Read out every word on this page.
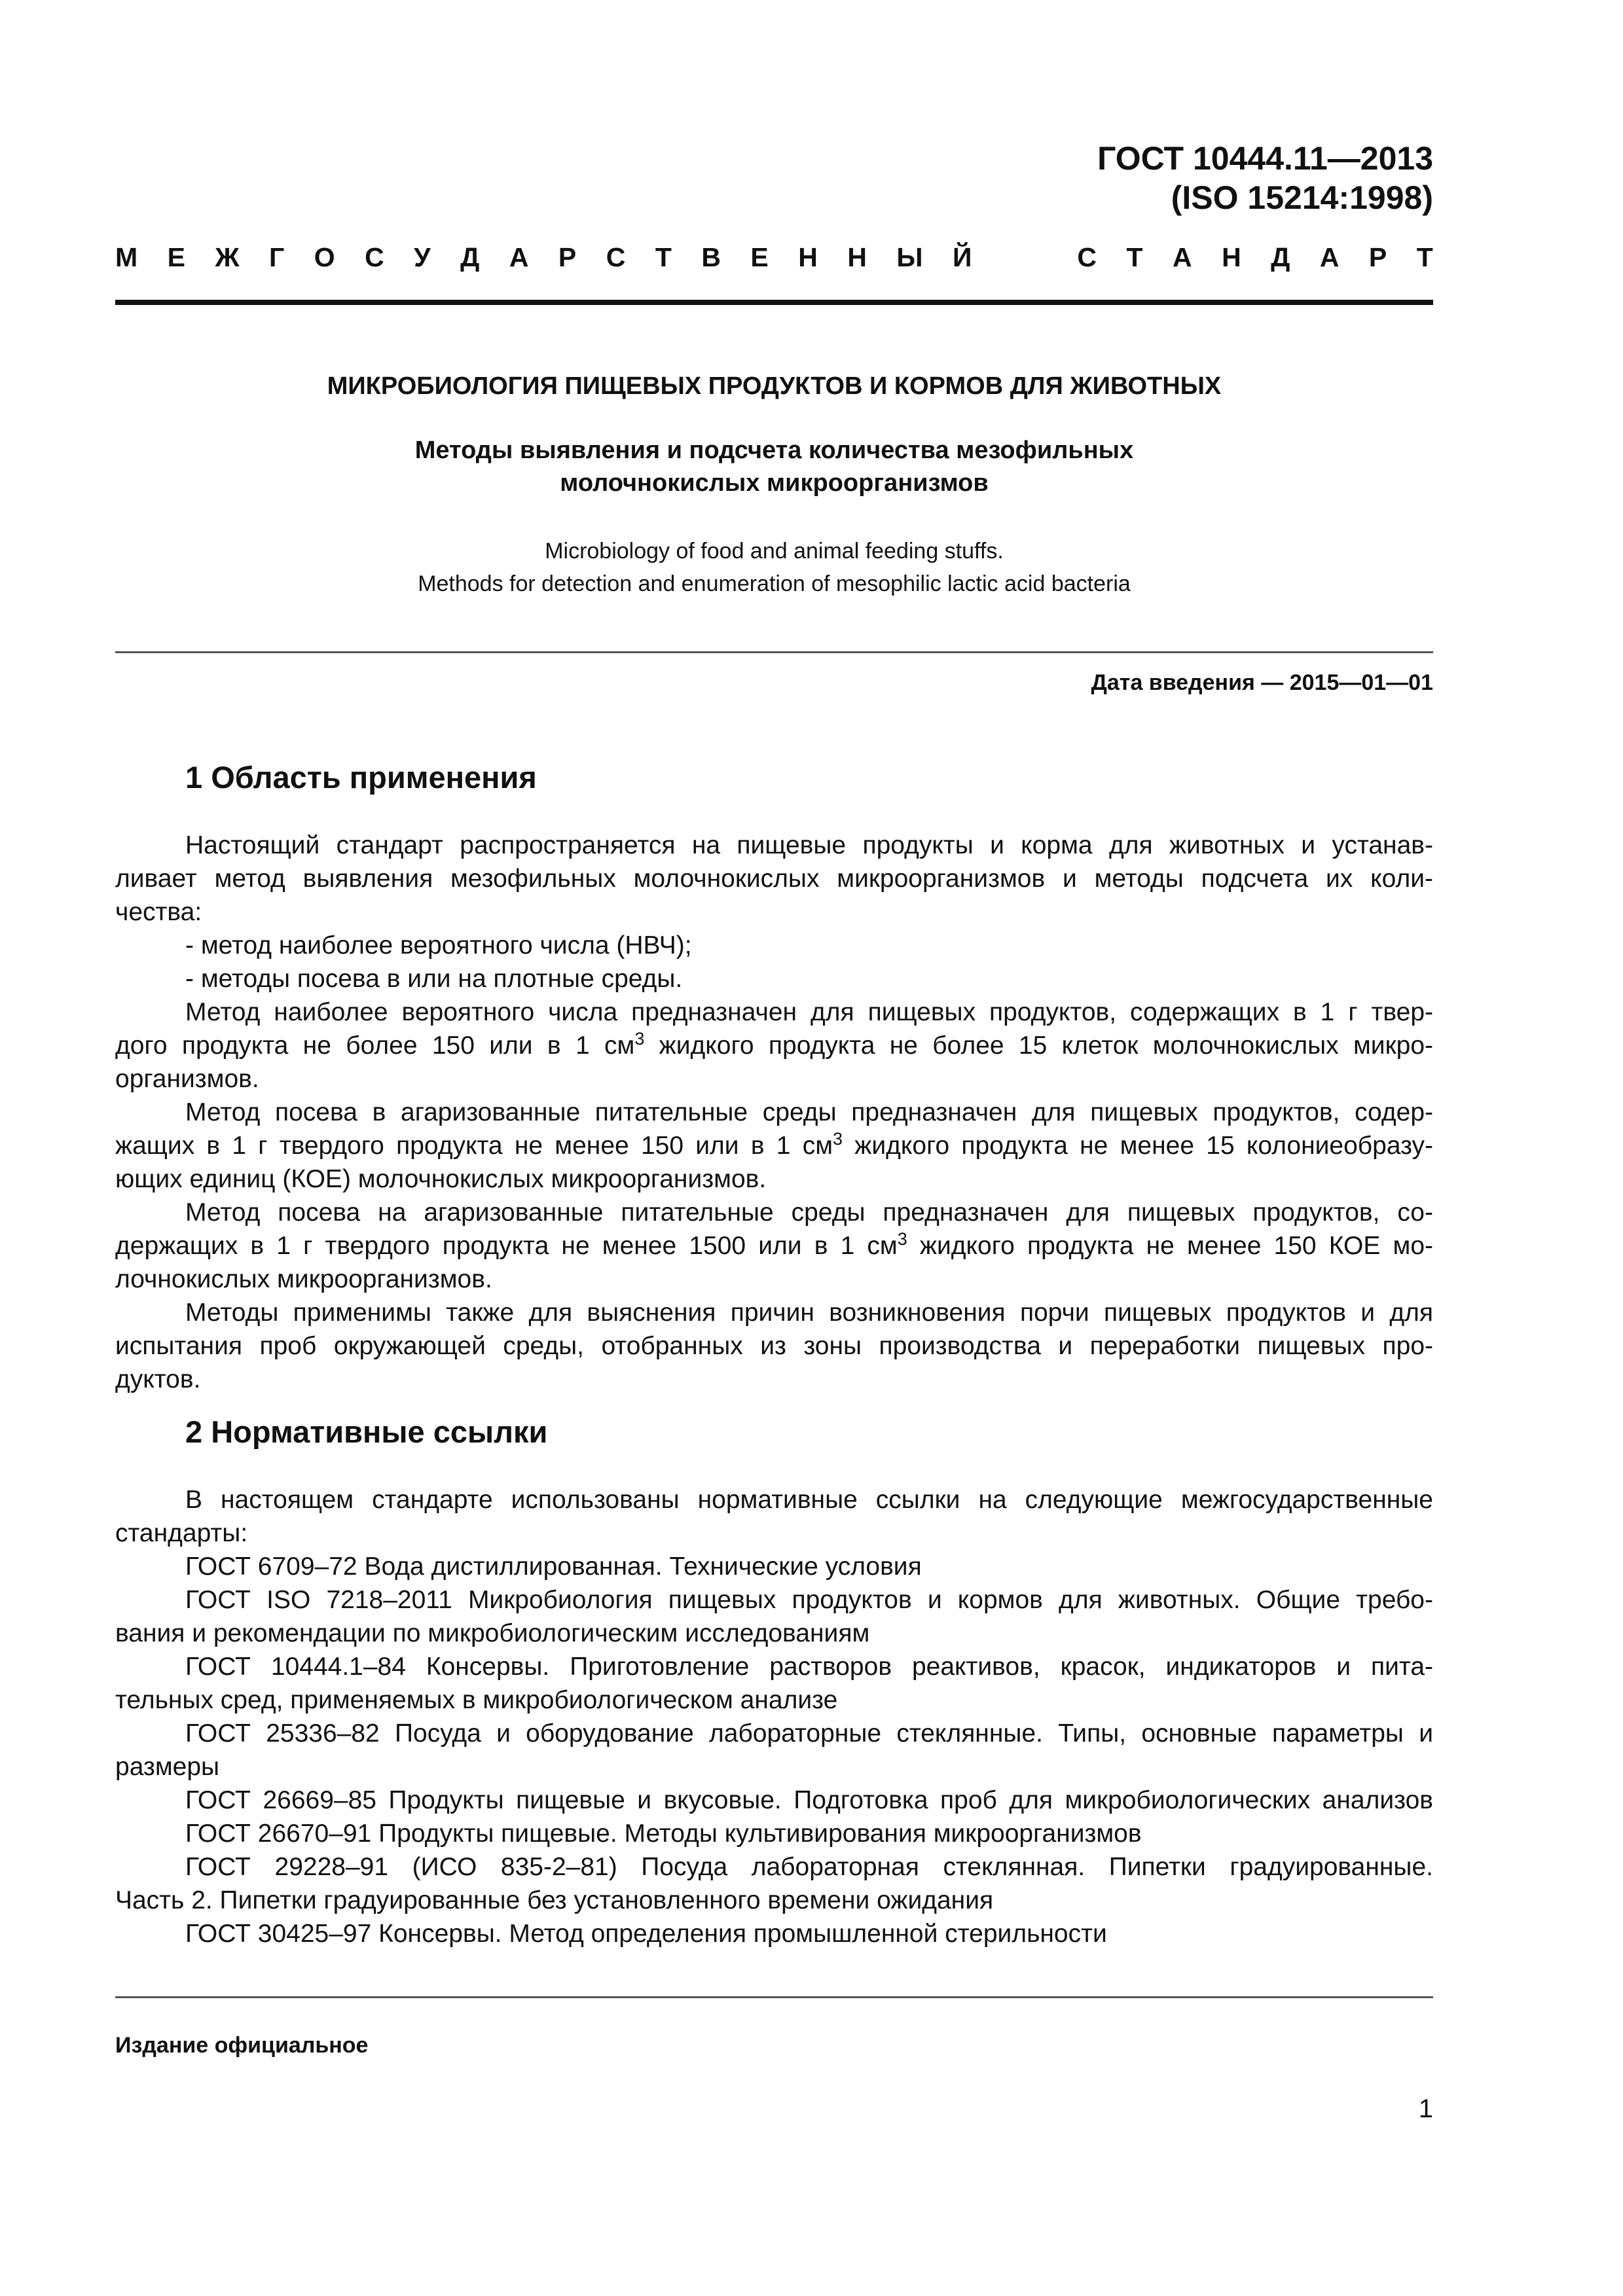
ГОСТ 10444.11—2013
(ISO 15214:1998)
М Е Ж Г О С У Д А Р С Т В Е Н Н Ы Й	С Т А Н Д А Р Т
МИКРОБИОЛОГИЯ ПИЩЕВЫХ ПРОДУКТОВ И КОРМОВ ДЛЯ ЖИВОТНЫХ
Методы выявления и подсчета количества мезофильных
молочнокислых микроорганизмов
Microbiology of food and animal feeding stuffs.
Methods for detection and enumeration of mesophilic lactic acid bacteria
Дата введения — 2015—01—01
1 Область применения
Настоящий стандарт распространяется на пищевые продукты и корма для животных и устанав-
ливает метод выявления мезофильных молочнокислых микроорганизмов и методы подсчета их коли-
чества:
- метод наиболее вероятного числа (НВЧ);
- методы посева в или на плотные среды.
Метод наиболее вероятного числа предназначен для пищевых продуктов, содержащих в 1 г твер-
дого продукта не более 150 или в 1 $см^3$ жидкого продукта не более 15 клеток молочнокислых микро-
организмов.
Метод посева в агаризованные питательные среды предназначен для пищевых продуктов, содер-
жащих в 1 г твердого продукта не менее 150 или в 1 $см^3$ жидкого продукта не менее 15 колониеобразу-
ющих единиц (КОЕ) молочнокислых микроорганизмов.
Метод посева на агаризованные питательные среды предназначен для пищевых продуктов, со-
держащих в 1 г твердого продукта не менее 1500 или в 1 $см^3$ жидкого продукта не менее 150 КОЕ мо-
лочнокислых микроорганизмов.
Методы применимы также для выяснения причин возникновения порчи пищевых продуктов и для
испытания проб окружающей среды, отобранных из зоны производства и переработки пищевых про-
дуктов.
2 Нормативные ссылки
В настоящем стандарте использованы нормативные ссылки на следующие межгосударственные
стандарты:
ГОСТ 6709–72 Вода дистиллированная. Технические условия
ГОСТ ISO 7218–2011 Микробиология пищевых продуктов и кормов для животных. Общие требо-
вания и рекомендации по микробиологическим исследованиям
ГОСТ 10444.1–84 Консервы. Приготовление растворов реактивов, красок, индикаторов и пита-
тельных сред, применяемых в микробиологическом анализе
ГОСТ 25336–82 Посуда и оборудование лабораторные стеклянные. Типы, основные параметры и
размеры
ГОСТ 26669–85 Продукты пищевые и вкусовые. Подготовка проб для микробиологических анализов
ГОСТ 26670–91 Продукты пищевые. Методы культивирования микроорганизмов
ГОСТ 29228–91 (ИСО 835-2–81) Посуда лабораторная стеклянная. Пипетки градуированные.
Часть 2. Пипетки градуированные без установленного времени ожидания
ГОСТ 30425–97 Консервы. Метод определения промышленной стерильности
Издание официальное
1
